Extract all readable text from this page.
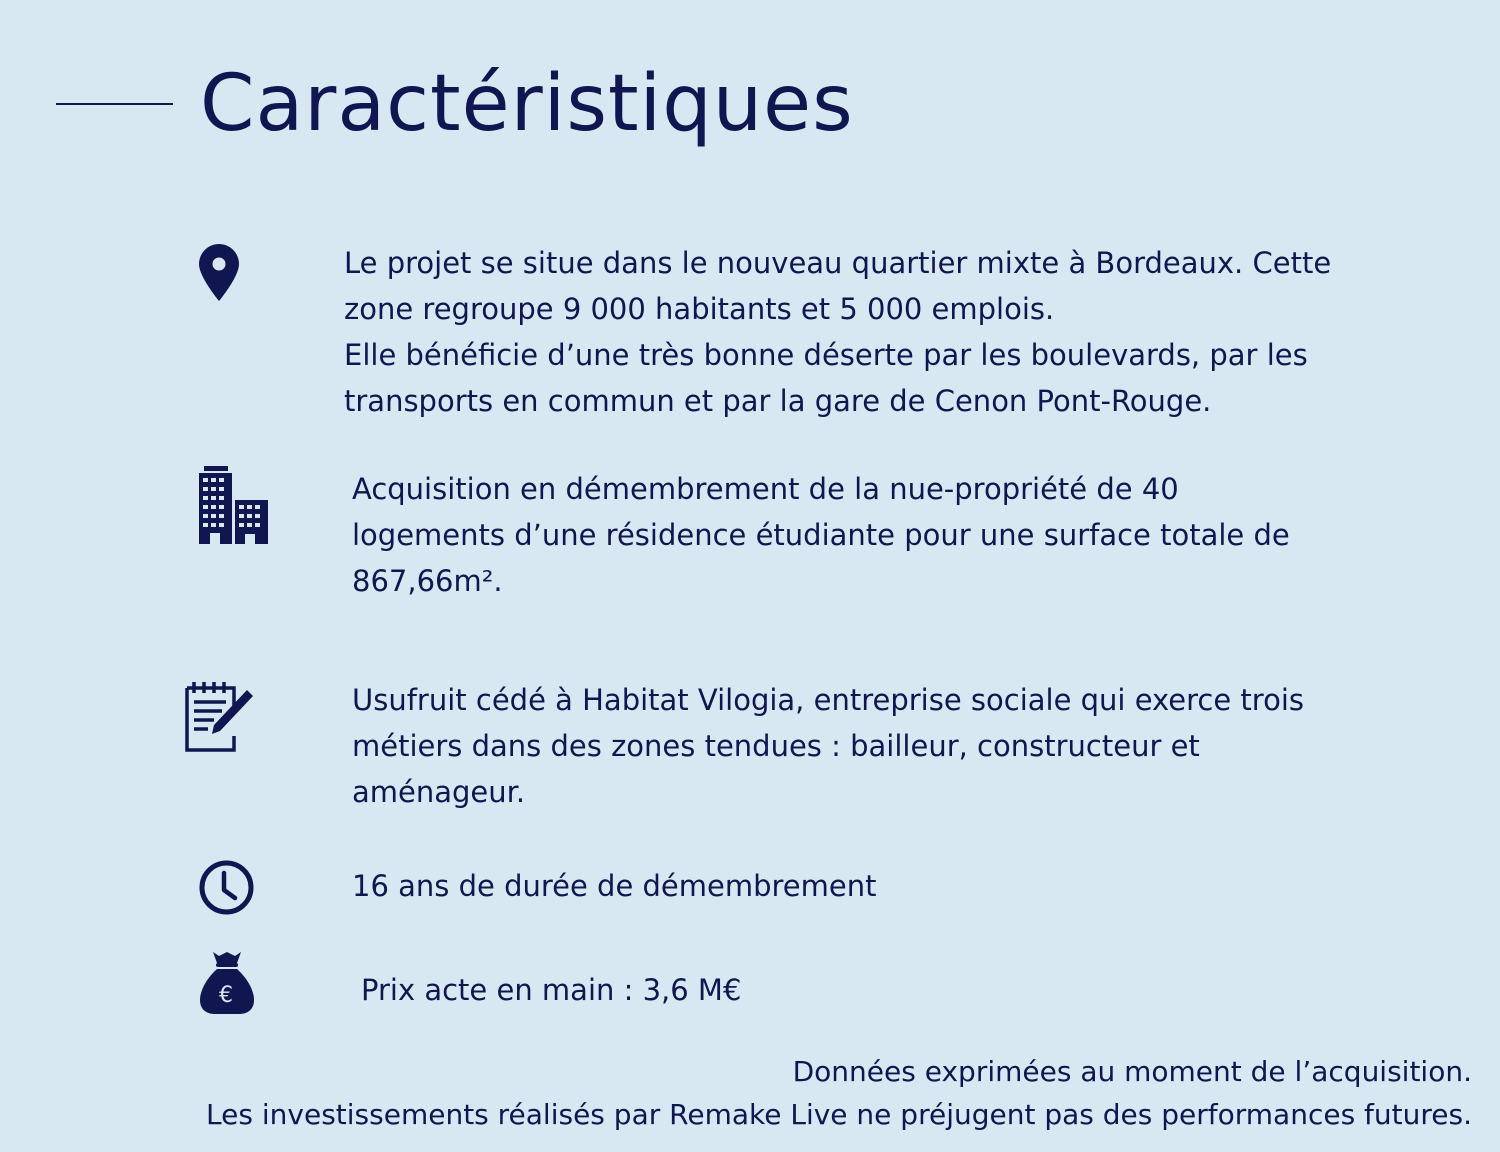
Caractéristiques

Le projet se situe dans le nouveau quartier mixte à Bordeaux. Cette
zone regroupe 9 000 habitants et 5 000 emplois.
Elle bénéficie d’une très bonne déserte par les boulevards, par les
transports en commun et par la gare de Cenon Pont-Rouge.

Acquisition en démembrement de la nue-propriété de 40
logements d’une résidence étudiante pour une surface totale de
867,66m².

Usufruit cédé à Habitat Vilogia, entreprise sociale qui exerce trois
métiers dans des zones tendues : bailleur, constructeur et
aménageur.

16 ans de durée de démembrement

€	Prix acte en main : 3,6 M€

Données exprimées au moment de l’acquisition.
Les investissements réalisés par Remake Live ne préjugent pas des performances futures.
